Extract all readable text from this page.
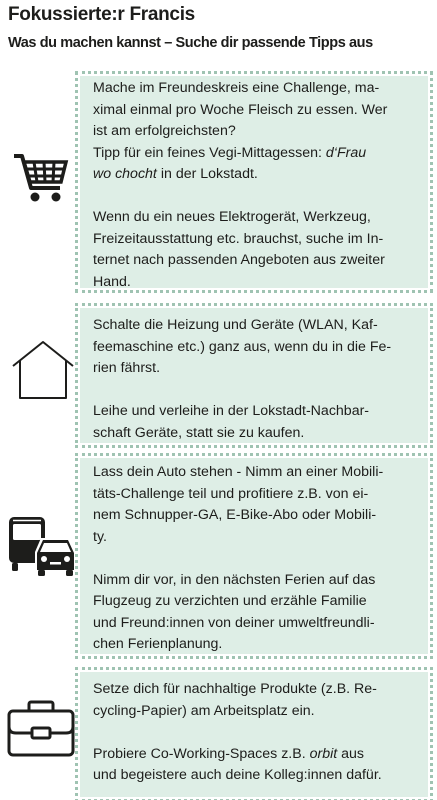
Fokussierte:r Francis
Was du machen kannst – Suche dir passende Tipps aus

Mache im Freundeskreis eine Challenge, ma-
ximal einmal pro Woche Fleisch zu essen. Wer
ist am erfolgreichsten?
Tipp für ein feines Vegi-Mittagessen: d‘Frau
wo chocht in der Lokstadt.

Wenn du ein neues Elektrogerät, Werkzeug,
Freizeitausstattung etc. brauchst, suche im In-
ternet nach passenden Angeboten aus zweiter
Hand.

Schalte die Heizung und Geräte (WLAN, Kaf-
feemaschine etc.) ganz aus, wenn du in die Fe-
rien fährst.

Leihe und verleihe in der Lokstadt-Nachbar-
schaft Geräte, statt sie zu kaufen.

Lass dein Auto stehen - Nimm an einer Mobili-
täts-Challenge teil und profitiere z.B. von ei-
nem Schnupper-GA, E-Bike-Abo oder Mobili-
ty.

Nimm dir vor, in den nächsten Ferien auf das
Flugzeug zu verzichten und erzähle Familie
und Freund:innen von deiner umweltfreundli-
chen Ferienplanung.

Setze dich für nachhaltige Produkte (z.B. Re-
cycling-Papier) am Arbeitsplatz ein.

Probiere Co-Working-Spaces z.B. orbit aus
und begeistere auch deine Kolleg:innen dafür.
